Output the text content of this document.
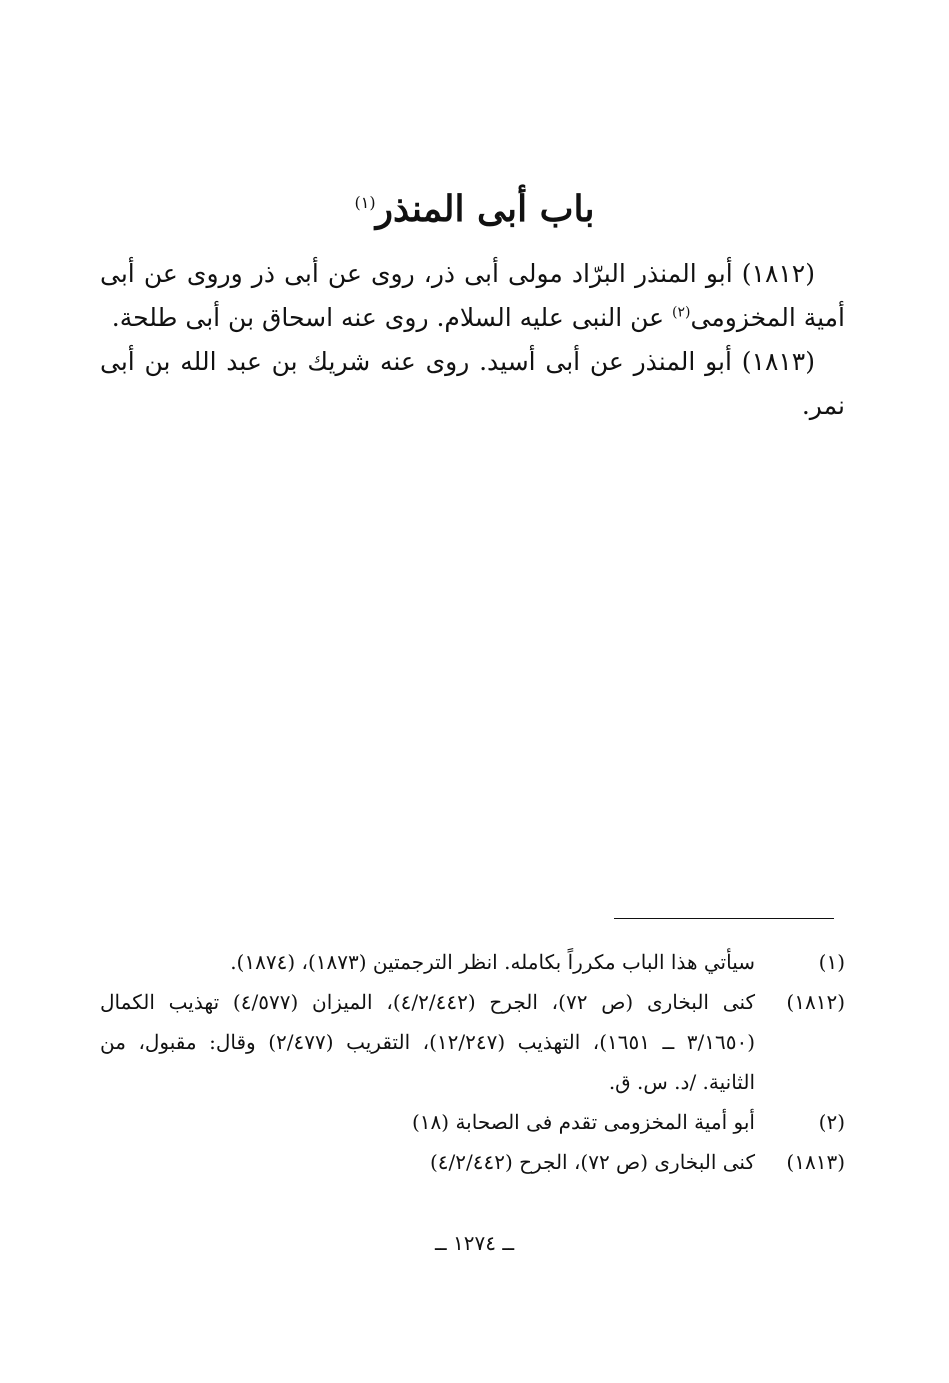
باب أبى المنذر$^{(١)}$

(١٨١٢) أبو المنذر البرّاد مولى أبى ذر، روى عن أبى ذر وروى عن أبى أمية المخزومى$^{(٢)}$ عن النبى عليه السلام. روى عنه اسحاق بن أبى طلحة.

(١٨١٣) أبو المنذر عن أبى أسيد. روى عنه شريك بن عبد الله بن أبى نمر.

(١)
سيأتي هذا الباب مكرراً بكامله. انظر الترجمتين (١٨٧٣)، (١٨٧٤).

(١٨١٢)
كنى البخارى (ص ٧٢)، الجرح (٤/٢/٤٤٢)، الميزان (٤/٥٧٧) تهذيب الكمال (٣/١٦٥٠ ــ ١٦٥١)، التهذيب (١٢/٢٤٧)، التقريب (٢/٤٧٧) وقال: مقبول، من الثانية. /د. س. ق.

(٢)
أبو أمية المخزومى تقدم فى الصحابة (١٨)

(١٨١٣)
كنى البخارى (ص ٧٢)، الجرح (٤/٢/٤٤٢)

ــ ١٢٧٤ ــ
